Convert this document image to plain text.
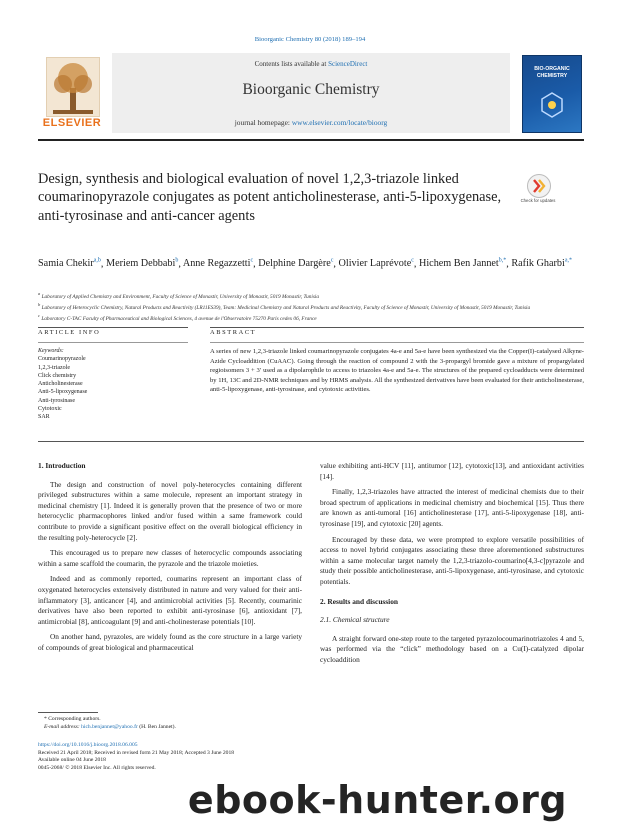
Bioorganic Chemistry 80 (2018) 189–194
ELSEVIER
Contents lists available at ScienceDirect
Bioorganic Chemistry
journal homepage: www.elsevier.com/locate/bioorg
BIO-ORGANIC CHEMISTRY
Design, synthesis and biological evaluation of novel 1,2,3-triazole linked coumarinopyrazole conjugates as potent anticholinesterase, anti-5-lipoxygenase, anti-tyrosinase and anti-cancer agents
Check for updates
Samia Chekir$^{a,b}$, Meriem Debbabi$^b$, Anne Regazzetti$^c$, Delphine Dargère$^c$, Olivier Laprévote$^c$, Hichem Ben Jannet$^{b,*}$, Rafik Gharbi$^{a,*}$
$^a$ Laboratory of Applied Chemistry and Environment, Faculty of Science of Monastir, University of Monastir, 5019 Monastir, Tunisia
$^b$ Laboratory of Heterocyclic Chemistry, Natural Products and Reactivity (LR11ES39), Team: Medicinal Chemistry and Natural Products and Reactivity, Faculty of Science of Monastir, University of Monastir, 5019 Monastir, Tunisia
$^c$ Laboratory C-TAC Faculty of Pharmaceutical and Biological Sciences, 4 avenue de l'Observatoire 75270 Paris cedex 06, France
ARTICLE INFO	ABSTRACT
Keywords:
Coumarinopyrazole
1,2,3-triazole
Click chemistry
Anticholinesterase
Anti-5-lipoxygenase
Anti-tyrosinase
Cytotoxic
SAR
A series of new 1,2,3-triazole linked coumarinopyrazole conjugates 4a-e and 5a-e have been synthesized via the Copper(I)-catalysed Alkyne-Azide Cycloaddition (CuAAC). Going through the reaction of compound 2 with the 3-propargyl bromide gave a mixture of propargylated regioisomers 3 + 3′ used as a dipolarophile to access to triazoles 4a-e and 5a-e. The structures of the prepared cycloadducts were determined by 1H, 13C and 2D-NMR techniques and by HRMS analysis. All the synthesized derivatives have been evaluated for their anticholinesterase, anti-5-lipoxygenase, anti-tyrosinase, and cytotoxic activities.
1. Introduction

The design and construction of novel poly-heterocycles containing different privileged substructures within a same molecule, represent an important strategy in medicinal chemistry [1]. Indeed it is generally proven that the presence of two or more heterocyclic pharmacophores linked and/or fused within a same framework could contribute to provide a significant positive effect on the overall biological efficiency in the resulting poly-heterocycle [2].

This encouraged us to prepare new classes of heterocyclic compounds associating within a same scaffold the coumarin, the pyrazole and the triazole moieties.

Indeed and as commonly reported, coumarins represent an important class of oxygenated heterocycles extensively distributed in nature and very valued for their anti-inflammatory [3], anticancer [4], and antimicrobial activities [5]. Recently, coumarinic derivatives have also been reported to exhibit anti-tyrosinase [6], antioxidant [7], antimicrobial [8], anticoagulant [9] and anti-cholinesterase potentials [10].

On another hand, pyrazoles, are widely found as the core structure in a large variety of compounds of great biological and pharmaceutical

value exhibiting anti-HCV [11], antitumor [12], cytotoxic[13], and antioxidant activities [14].

Finally, 1,2,3-triazoles have attracted the interest of medicinal chemists due to their broad spectrum of applications in medicinal chemistry and biochemical [15]. Thus there are known as anti-tumoral [16] anticholinesterase [17], anti-5-lipoxygenase [18], anti-tyrosinase [19], and cytotoxic [20] agents.

Encouraged by these data, we were prompted to explore versatile possibilities of access to novel hybrid conjugates associating these three aforementioned substructures within a same molecular target namely the 1,2,3-triazolo-coumarino[4,3-c]pyrazole and study their possible anticholinesterase, anti-5-lipoxygenase, anti-tyrosinase, and cytotoxic potentials.

2. Results and discussion
2.1. Chemical structure

A straight forward one-step route to the targeted pyrazolocoumarinotriazoles 4 and 5, was performed via the “click” methodology based on a Cu(I)-catalyzed dipolar cycloaddition

* Corresponding authors.
E-mail address: hich.benjannet@yahoo.fr (H. Ben Jannet).
https://doi.org/10.1016/j.bioorg.2018.06.005
Received 21 April 2018; Received in revised form 21 May 2018; Accepted 3 June 2018
Available online 04 June 2018
0045-2068/ © 2018 Elsevier Inc. All rights reserved.
ebook-hunter.org
